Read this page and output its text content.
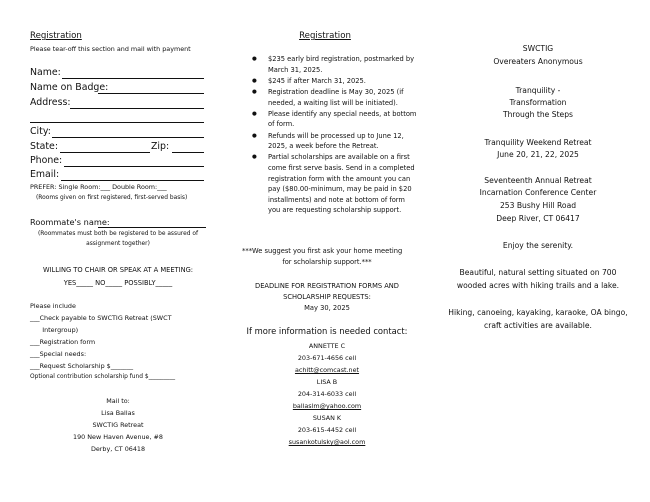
Registration
Please tear-off this section and mail with payment
Name:
Name on Badge:
Address:
City:
State:	Zip:
Phone:
Email:
PREFER: Single Room:___ Double Room:___
(Rooms given on first registered, first-served basis)
Roommate's name:
(Roommates must both be registered to be assured of
assignment together)
WILLING TO CHAIR OR SPEAK AT A MEETING:
YES_____ NO_____ POSSIBLY_____
Please include
___Check payable to SWCTIG Retreat (SWCT
Intergroup)
___Registration form
___Special needs:
___Request Scholarship $_______
Optional contribution scholarship fund $_________
Mail to:
Lisa Ballas
SWCTIG Retreat
190 New Haven Avenue, #8
Derby, CT 06418
Registration
● $235 early bird registration, postmarked by March 31, 2025.
● $245 if after March 31, 2025.
● Registration deadline is May 30, 2025 (if needed, a waiting list will be initiated).
● Please identify any special needs, at bottom of form.
● Refunds will be processed up to June 12, 2025, a week before the Retreat.
● Partial scholarships are available on a first come first serve basis. Send in a completed registration form with the amount you can pay ($80.00-minimum, may be paid in $20 installments) and note at bottom of form you are requesting scholarship support.
***We suggest you first ask your home meeting
for scholarship support.***
DEADLINE FOR REGISTRATION FORMS AND
SCHOLARSHIP REQUESTS:
May 30, 2025
If more information is needed contact:
ANNETTE C
203-671-4656 cell
achitt@comcast.net
LISA B
204-314-6033 cell
ballaslm@yahoo.com
SUSAN K
203-615-4452 cell
susankotulsky@aol.com
SWCTIG
Overeaters Anonymous
Tranquility -
Transformation
Through the Steps
Tranquility Weekend Retreat
June 20, 21, 22, 2025
Seventeenth Annual Retreat
Incarnation Conference Center
253 Bushy Hill Road
Deep River, CT 06417
Enjoy the serenity.
Beautiful, natural setting situated on 700
wooded acres with hiking trails and a lake.
Hiking, canoeing, kayaking, karaoke, OA bingo,
craft activities are available.
